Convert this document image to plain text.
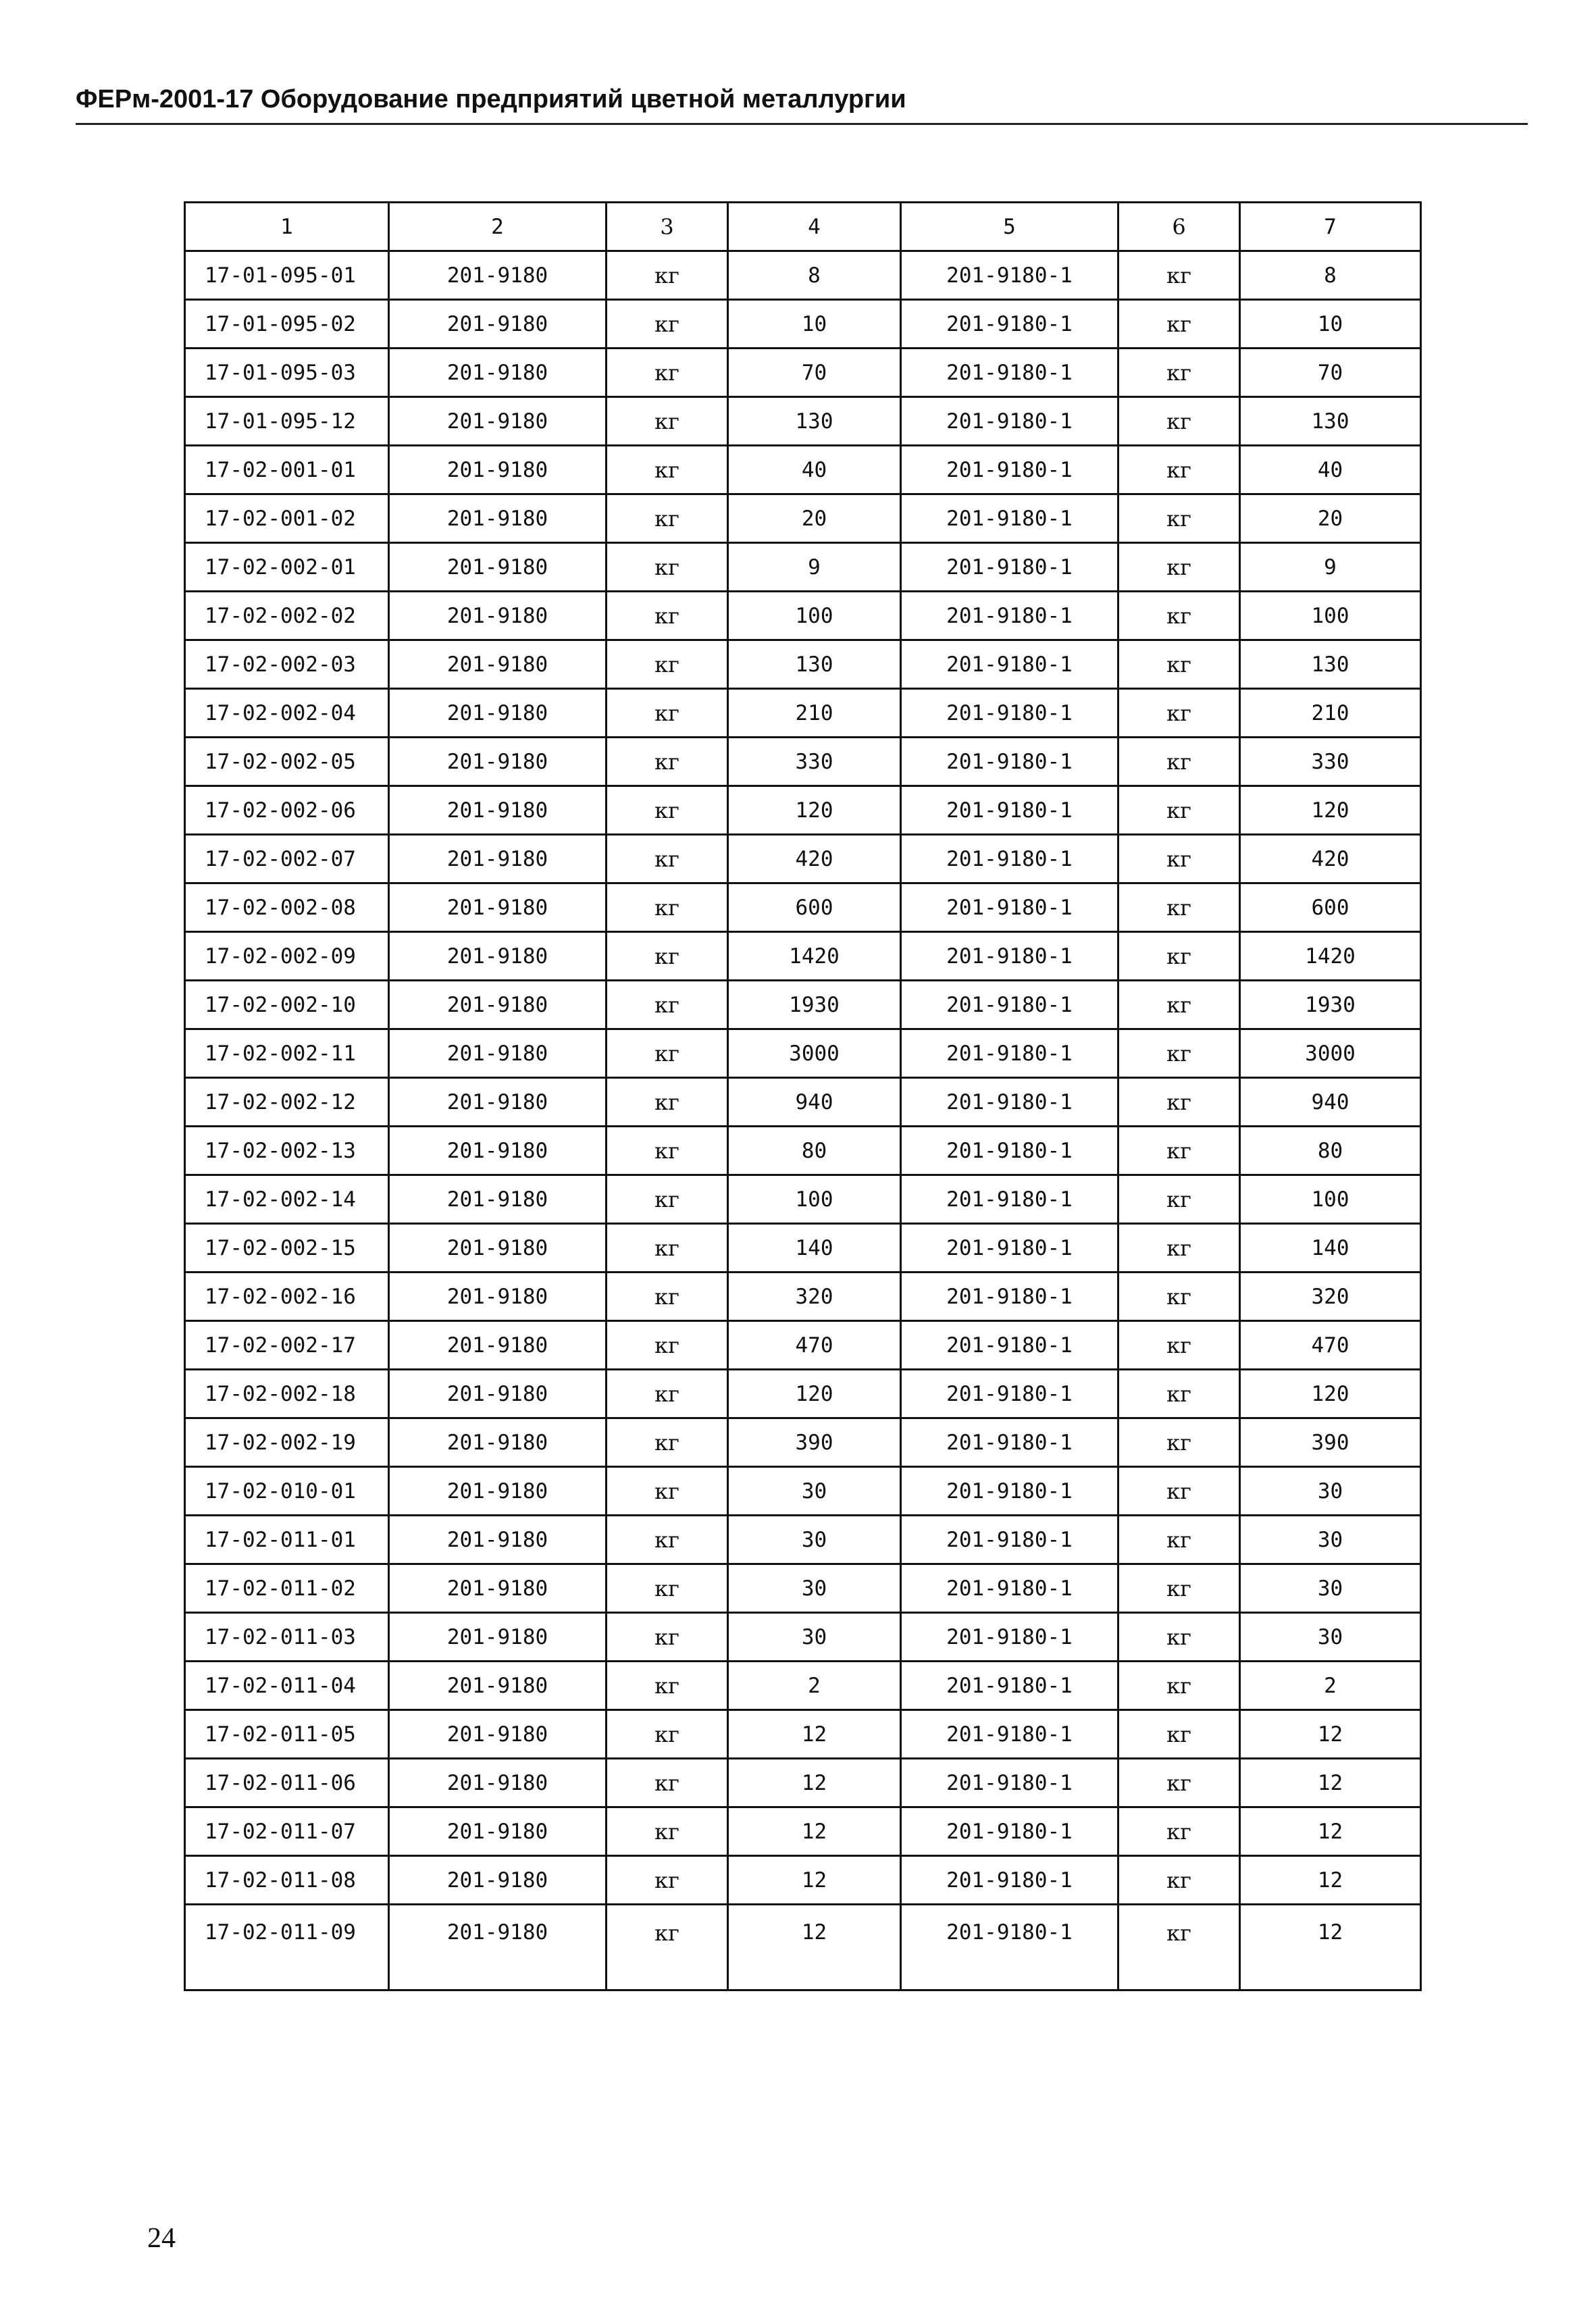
ФЕРм-2001-17 Оборудование предприятий цветной металлургии
1	2	3	4	5	6	7
17-01-095-01	201-9180	кг	8	201-9180-1	кг	8
17-01-095-02	201-9180	кг	10	201-9180-1	кг	10
17-01-095-03	201-9180	кг	70	201-9180-1	кг	70
17-01-095-12	201-9180	кг	130	201-9180-1	кг	130
17-02-001-01	201-9180	кг	40	201-9180-1	кг	40
17-02-001-02	201-9180	кг	20	201-9180-1	кг	20
17-02-002-01	201-9180	кг	9	201-9180-1	кг	9
17-02-002-02	201-9180	кг	100	201-9180-1	кг	100
17-02-002-03	201-9180	кг	130	201-9180-1	кг	130
17-02-002-04	201-9180	кг	210	201-9180-1	кг	210
17-02-002-05	201-9180	кг	330	201-9180-1	кг	330
17-02-002-06	201-9180	кг	120	201-9180-1	кг	120
17-02-002-07	201-9180	кг	420	201-9180-1	кг	420
17-02-002-08	201-9180	кг	600	201-9180-1	кг	600
17-02-002-09	201-9180	кг	1420	201-9180-1	кг	1420
17-02-002-10	201-9180	кг	1930	201-9180-1	кг	1930
17-02-002-11	201-9180	кг	3000	201-9180-1	кг	3000
17-02-002-12	201-9180	кг	940	201-9180-1	кг	940
17-02-002-13	201-9180	кг	80	201-9180-1	кг	80
17-02-002-14	201-9180	кг	100	201-9180-1	кг	100
17-02-002-15	201-9180	кг	140	201-9180-1	кг	140
17-02-002-16	201-9180	кг	320	201-9180-1	кг	320
17-02-002-17	201-9180	кг	470	201-9180-1	кг	470
17-02-002-18	201-9180	кг	120	201-9180-1	кг	120
17-02-002-19	201-9180	кг	390	201-9180-1	кг	390
17-02-010-01	201-9180	кг	30	201-9180-1	кг	30
17-02-011-01	201-9180	кг	30	201-9180-1	кг	30
17-02-011-02	201-9180	кг	30	201-9180-1	кг	30
17-02-011-03	201-9180	кг	30	201-9180-1	кг	30
17-02-011-04	201-9180	кг	2	201-9180-1	кг	2
17-02-011-05	201-9180	кг	12	201-9180-1	кг	12
17-02-011-06	201-9180	кг	12	201-9180-1	кг	12
17-02-011-07	201-9180	кг	12	201-9180-1	кг	12
17-02-011-08	201-9180	кг	12	201-9180-1	кг	12
17-02-011-09	201-9180	кг	12	201-9180-1	кг	12
24
